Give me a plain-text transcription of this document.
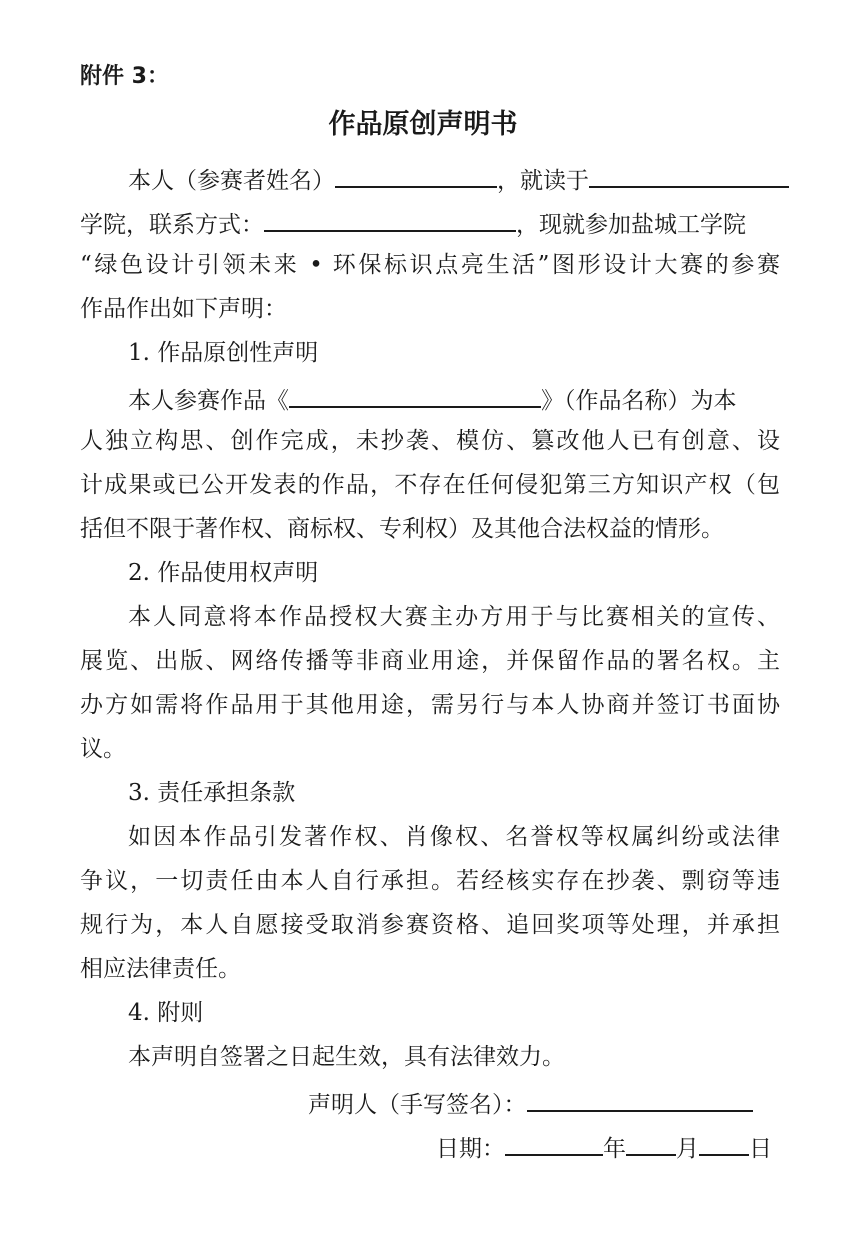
附件 3：
作品原创声明书
本人（参赛者姓名）	，就读于
学院，联系方式：	，现就参加盐城工学院
“绿色设计引领未来 • 环保标识点亮生活”图形设计大赛的参赛
作品作出如下声明：
1. 作品原创性声明
本人参赛作品《	》（作品名称）为本
人独立构思、创作完成，未抄袭、模仿、篡改他人已有创意、设
计成果或已公开发表的作品，不存在任何侵犯第三方知识产权（包
括但不限于著作权、商标权、专利权）及其他合法权益的情形。
2. 作品使用权声明
本人同意将本作品授权大赛主办方用于与比赛相关的宣传、
展览、出版、网络传播等非商业用途，并保留作品的署名权。主
办方如需将作品用于其他用途，需另行与本人协商并签订书面协
议。
3. 责任承担条款
如因本作品引发著作权、肖像权、名誉权等权属纠纷或法律
争议，一切责任由本人自行承担。若经核实存在抄袭、剽窃等违
规行为，本人自愿接受取消参赛资格、追回奖项等处理，并承担
相应法律责任。
4. 附则
本声明自签署之日起生效，具有法律效力。
声明人（手写签名）：
日期：	年 月 日
